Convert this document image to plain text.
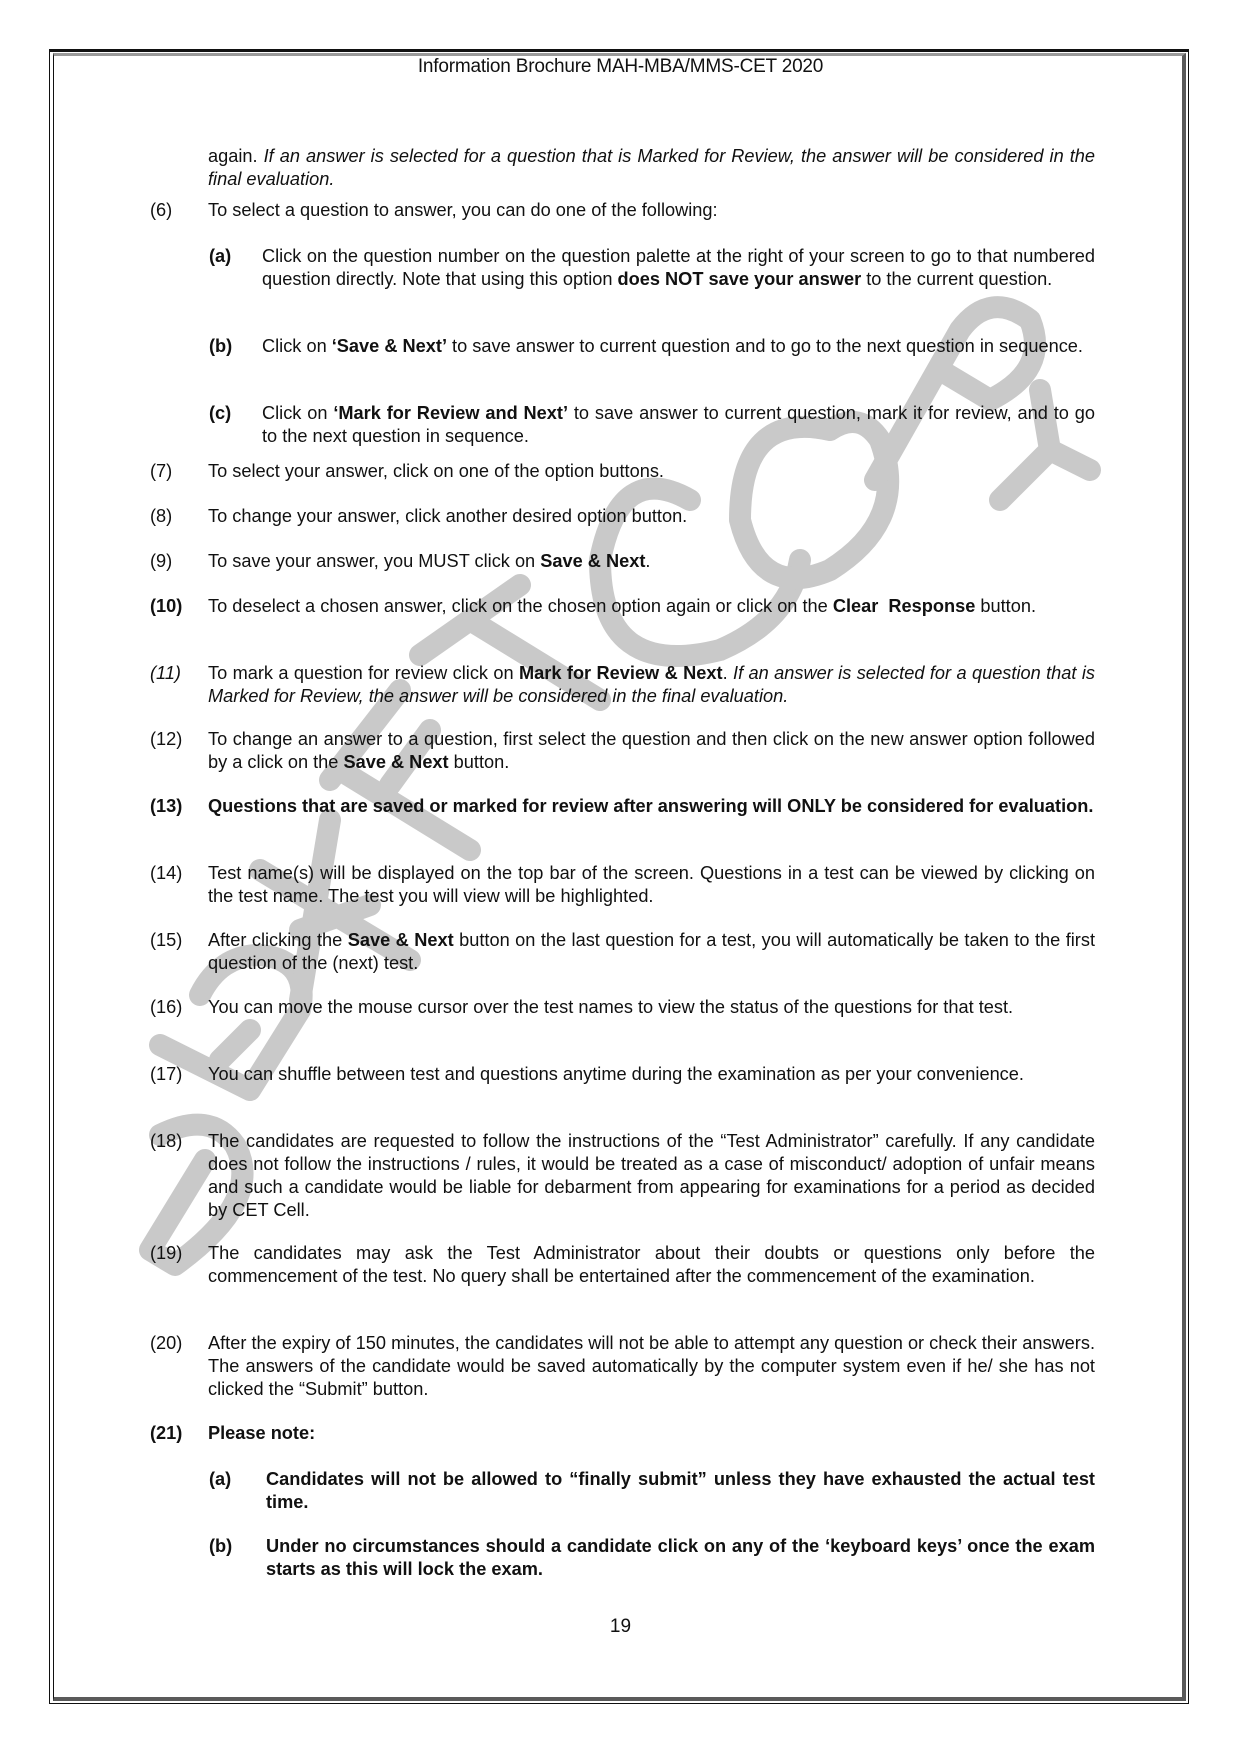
Information Brochure MAH-MBA/MMS-CET 2020
again. If an answer is selected for a question that is Marked for Review, the answer will be considered in the final evaluation.
(6) To select a question to answer, you can do one of the following:
(a) Click on the question number on the question palette at the right of your screen to go to that numbered question directly. Note that using this option does NOT save your answer to the current question.
(b) Click on ‘Save & Next’ to save answer to current question and to go to the next question in sequence.
(c) Click on ‘Mark for Review and Next’ to save answer to current question, mark it for review, and to go to the next question in sequence.
(7) To select your answer, click on one of the option buttons.
(8) To change your answer, click another desired option button.
(9) To save your answer, you MUST click on Save & Next.
(10) To deselect a chosen answer, click on the chosen option again or click on the Clear  Response button.
(11) To mark a question for review click on Mark for Review & Next. If an answer is selected for a question that is Marked for Review, the answer will be considered in the final evaluation.
(12) To change an answer to a question, first select the question and then click on the new answer option followed by a click on the Save & Next button.
(13) Questions that are saved or marked for review after answering will ONLY be considered for evaluation.
(14) Test name(s) will be displayed on the top bar of the screen. Questions in a test can be viewed by clicking on the test name. The test you will view will be highlighted.
(15) After clicking the Save & Next button on the last question for a test, you will automatically be taken to the first question of the (next) test.
(16) You can move the mouse cursor over the test names to view the status of the questions for that test.
(17) You can shuffle between test and questions anytime during the examination as per your convenience.
(18) The candidates are requested to follow the instructions of the “Test Administrator” carefully. If any candidate does not follow the instructions / rules, it would be treated as a case of misconduct/ adoption of unfair means and such a candidate would be liable for debarment from appearing for examinations for a period as decided by CET Cell.
(19) The candidates may ask the Test Administrator about their doubts or questions only before the commencement of the test. No query shall be entertained after the commencement of the examination.
(20) After the expiry of 150 minutes, the candidates will not be able to attempt any question or check their answers. The answers of the candidate would be saved automatically by the computer system even if he/ she has not clicked the “Submit” button.
(21) Please note:
(a) Candidates will not be allowed to “finally submit” unless they have exhausted the actual test time.
(b) Under no circumstances should a candidate click on any of the ‘keyboard keys’ once the exam starts as this will lock the exam.
19
